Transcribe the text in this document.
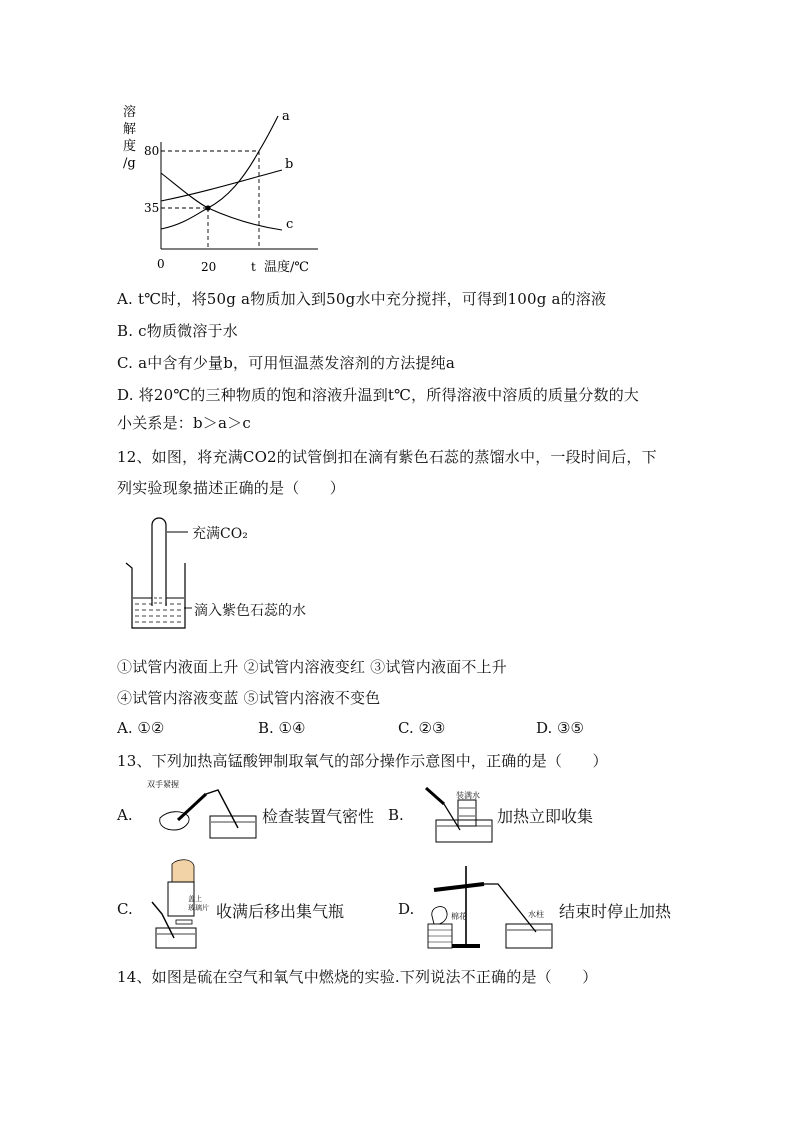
溶
解
度
/g
80
35
0	20	t 温度/℃
a
b
c
A. t℃时，将50g a物质加入到50g水中充分搅拌，可得到100g a的溶液
B. c物质微溶于水
C. a中含有少量b，可用恒温蒸发溶剂的方法提纯a
D. 将20℃的三种物质的饱和溶液升温到t℃，所得溶液中溶质的质量分数的大
小关系是：b＞a＞c
12、如图，将充满CO2的试管倒扣在滴有紫色石蕊的蒸馏水中，一段时间后，下
列实验现象描述正确的是（　　）
充满CO₂
滴入紫色石蕊的水
①试管内液面上升 ②试管内溶液变红 ③试管内液面不上升
④试管内溶液变蓝 ⑤试管内溶液不变色
A. ①②	B. ①④	C. ②③	D. ③⑤
13、下列加热高锰酸钾制取氧气的部分操作示意图中，正确的是（　　）
A.
双手紧握
检查装置气密性 B.
装满水
加热立即收集
C.
盖上
玻璃片 收满后移出集气瓶	D.	棉花	水柱 结束时停止加热
14、如图是硫在空气和氧气中燃烧的实验.下列说法不正确的是（　　）
